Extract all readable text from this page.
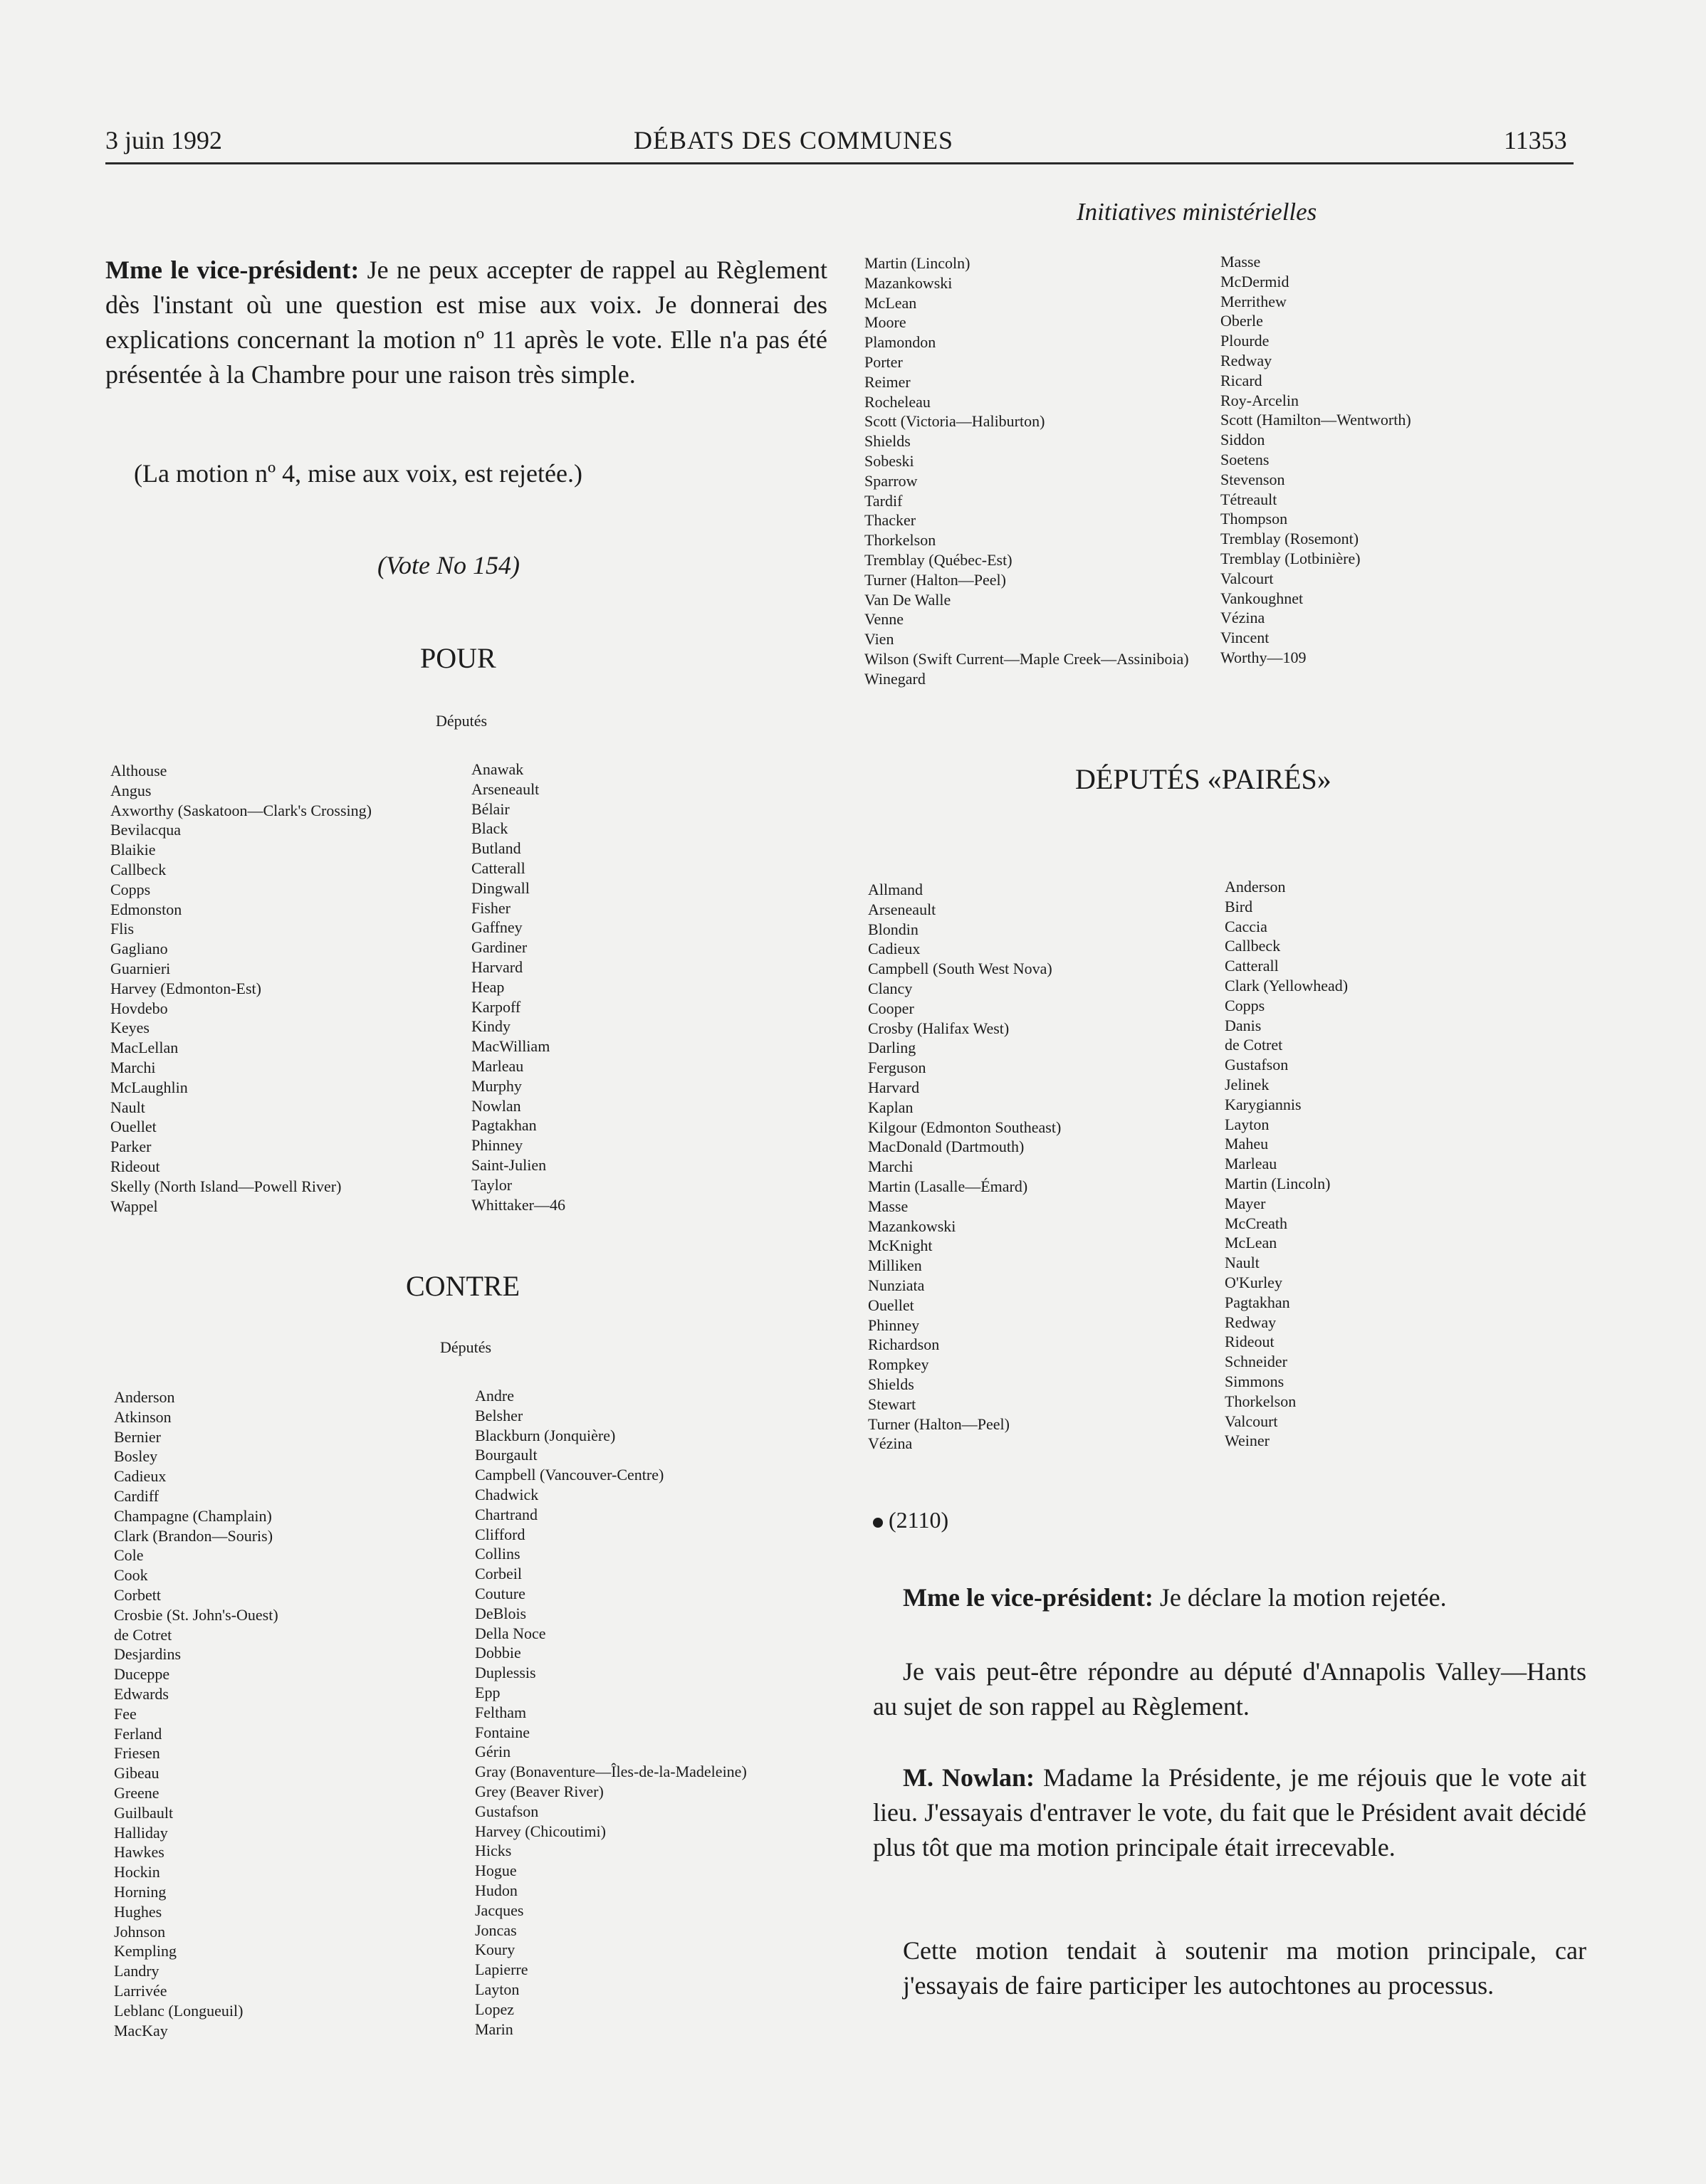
3 juin 1992	DÉBATS DES COMMUNES	11353
Initiatives ministérielles
Mme le vice-président: Je ne peux accepter de rappel au Règlement dès l'instant où une question est mise aux voix. Je donnerai des explications concernant la motion nº 11 après le vote. Elle n'a pas été présentée à la Chambre pour une raison très simple.
(La motion nº 4, mise aux voix, est rejetée.)
(Vote No 154)
POUR
Députés
Althouse
Angus
Axworthy (Saskatoon—Clark's Crossing)
Bevilacqua
Blaikie
Callbeck
Copps
Edmonston
Flis
Gagliano
Guarnieri
Harvey (Edmonton-Est)
Hovdebo
Keyes
MacLellan
Marchi
McLaughlin
Nault
Ouellet
Parker
Rideout
Skelly (North Island—Powell River)
Wappel
Anawak
Arseneault
Bélair
Black
Butland
Catterall
Dingwall
Fisher
Gaffney
Gardiner
Harvard
Heap
Karpoff
Kindy
MacWilliam
Marleau
Murphy
Nowlan
Pagtakhan
Phinney
Saint-Julien
Taylor
Whittaker—46
CONTRE
Députés
Anderson
Atkinson
Bernier
Bosley
Cadieux
Cardiff
Champagne (Champlain)
Clark (Brandon—Souris)
Cole
Cook
Corbett
Crosbie (St. John's-Ouest)
de Cotret
Desjardins
Duceppe
Edwards
Fee
Ferland
Friesen
Gibeau
Greene
Guilbault
Halliday
Hawkes
Hockin
Horning
Hughes
Johnson
Kempling
Landry
Larrivée
Leblanc (Longueuil)
MacKay
Andre
Belsher
Blackburn (Jonquière)
Bourgault
Campbell (Vancouver-Centre)
Chadwick
Chartrand
Clifford
Collins
Corbeil
Couture
DeBlois
Della Noce
Dobbie
Duplessis
Epp
Feltham
Fontaine
Gérin
Gray (Bonaventure—Îles-de-la-Madeleine)
Grey (Beaver River)
Gustafson
Harvey (Chicoutimi)
Hicks
Hogue
Hudon
Jacques
Joncas
Koury
Lapierre
Layton
Lopez
Marin
Martin (Lincoln)
Mazankowski
McLean
Moore
Plamondon
Porter
Reimer
Rocheleau
Scott (Victoria—Haliburton)
Shields
Sobeski
Sparrow
Tardif
Thacker
Thorkelson
Tremblay (Québec-Est)
Turner (Halton—Peel)
Van De Walle
Venne
Vien
Wilson (Swift Current—Maple Creek—Assiniboia)
Winegard
Masse
McDermid
Merrithew
Oberle
Plourde
Redway
Ricard
Roy-Arcelin
Scott (Hamilton—Wentworth)
Siddon
Soetens
Stevenson
Tétreault
Thompson
Tremblay (Rosemont)
Tremblay (Lotbinière)
Valcourt
Vankoughnet
Vézina
Vincent
Worthy—109
DÉPUTÉS «PAIRÉS»
Allmand
Arseneault
Blondin
Cadieux
Campbell (South West Nova)
Clancy
Cooper
Crosby (Halifax West)
Darling
Ferguson
Harvard
Kaplan
Kilgour (Edmonton Southeast)
MacDonald (Dartmouth)
Marchi
Martin (Lasalle—Émard)
Masse
Mazankowski
McKnight
Milliken
Nunziata
Ouellet
Phinney
Richardson
Rompkey
Shields
Stewart
Turner (Halton—Peel)
Vézina
Anderson
Bird
Caccia
Callbeck
Catterall
Clark (Yellowhead)
Copps
Danis
de Cotret
Gustafson
Jelinek
Karygiannis
Layton
Maheu
Marleau
Martin (Lincoln)
Mayer
McCreath
McLean
Nault
O'Kurley
Pagtakhan
Redway
Rideout
Schneider
Simmons
Thorkelson
Valcourt
Weiner
(2110)
Mme le vice-président: Je déclare la motion rejetée.
Je vais peut-être répondre au député d'Annapolis Valley—Hants au sujet de son rappel au Règlement.
M. Nowlan: Madame la Présidente, je me réjouis que le vote ait lieu. J'essayais d'entraver le vote, du fait que le Président avait décidé plus tôt que ma motion principale était irrecevable.
Cette motion tendait à soutenir ma motion principale, car j'essayais de faire participer les autochtones au processus.
